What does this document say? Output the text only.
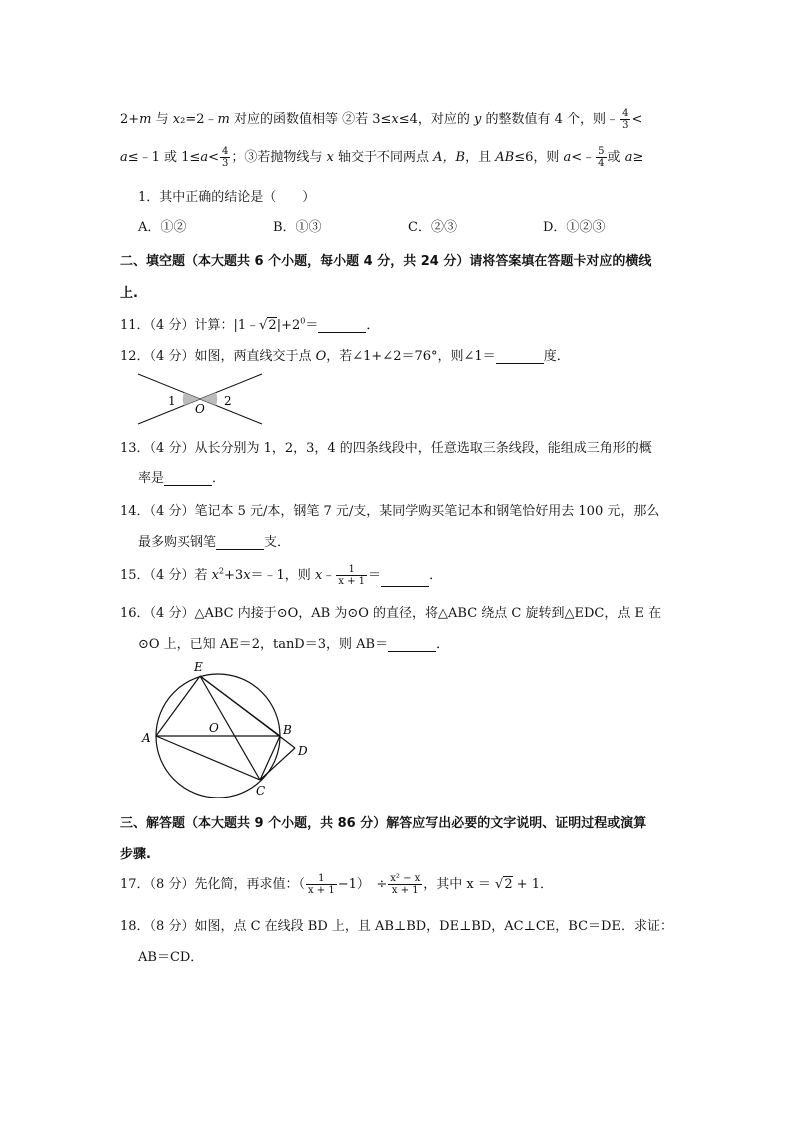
2+m 与 x₂=2﹣m 对应的函数值相等 ②若 3≤x≤4，对应的 y 的整数值有 4 个，则﹣ $\frac{4}{3}$ <
a≤﹣1 或 $1\le a< \frac{4}{3}$ ；③若抛物线与 x 轴交于不同两点 A，B，且 AB≤6，则 a<﹣ $\frac{5}{4}$ 或 a≥
1．其中正确的结论是（　　）
A．①②	B．①③	C．②③	D．①②③
二、填空题（本大题共 6 个小题，每小题 4 分，共 24 分）请将答案填在答题卡对应的横线
上.
11．（4 分）计算：$|1﹣√2|+2^0=$	．
12．（4 分）如图，两直线交于点 O，若∠1+∠2＝76°，则∠1＝	度．
1
O
2
13．（4 分）从长分别为 1，2，3，4 的四条线段中，任意选取三条线段，能组成三角形的概
率是	．
14．（4 分）笔记本 5 元/本，钢笔 7 元/支，某同学购买笔记本和钢笔恰好用去 100 元，那么
最多购买钢笔	支．
15．（4 分）若 $x^2+3x=﹣1$，则 x﹣ $\frac{1}{x + 1}$ ＝	．
16．（4 分）△ABC 内接于⊙O，AB 为⊙O 的直径，将△ABC 绕点 C 旋转到△EDC，点 E 在
⊙O 上，已知 AE＝2，tanD＝3，则 AB＝	．
E
A
O	B
D
C
三、解答题（本大题共 9 个小题，共 86 分）解答应写出必要的文字说明、证明过程或演算
步骤.
17．（8 分）先化简，再求值：（ $\frac{1}{x + 1} -1$）　÷ $\frac{\text{x² − x}}{x + 1}$ ，其中 x ＝ √2 + 1．
18．（8 分）如图，点 C 在线段 BD 上，且 AB⊥BD，DE⊥BD，AC⊥CE，BC＝DE．求证：
AB＝CD．
